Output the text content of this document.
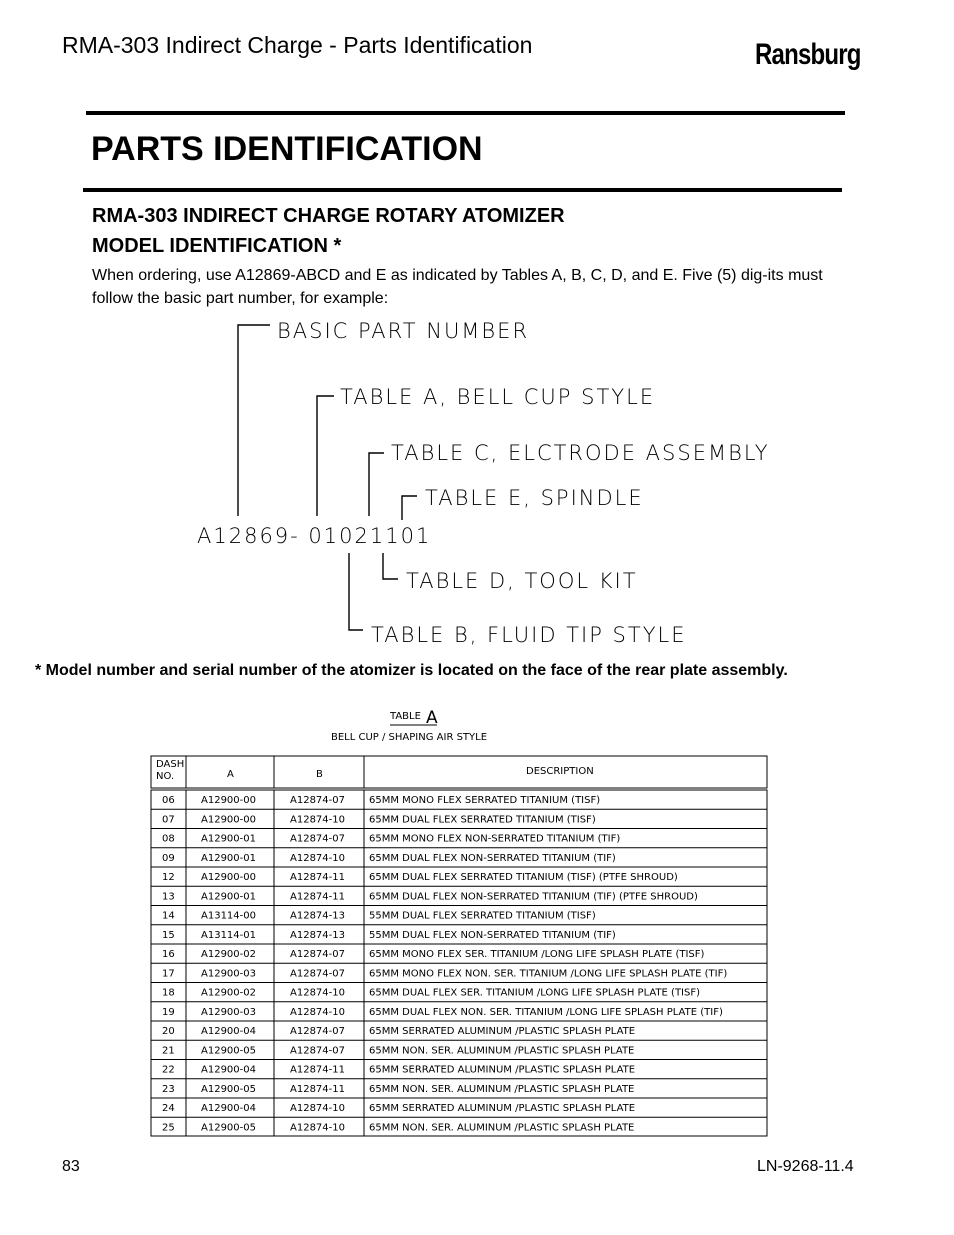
RMA-303 Indirect Charge - Parts Identification	Ransburg
PARTS IDENTIFICATION
RMA-303 INDIRECT CHARGE ROTARY ATOMIZER
MODEL IDENTIFICATION *
When ordering, use A12869-ABCD and E as indicated by Tables A, B, C, D, and E. Five (5) dig-its must follow the basic part number, for example:
BASIC PART NUMBER
TABLE A, BELL CUP STYLE
TABLE C, ELCTRODE ASSEMBLY
TABLE E, SPINDLE
A12869- 01021101
TABLE D, TOOL KIT
TABLE B, FLUID TIP STYLE
* Model number and serial number of the atomizer is located on the face of the rear plate assembly.
TABLE A
BELL CUP / SHAPING AIR STYLE
DASH
NO.	A	B	DESCRIPTION
06	A12900-00	A12874-07 65MM MONO FLEX SERRATED TITANIUM (TISF)
07	A12900-00	A12874-10 65MM DUAL FLEX SERRATED TITANIUM (TISF)
08	A12900-01	A12874-07 65MM MONO FLEX NON-SERRATED TITANIUM (TIF)
09	A12900-01	A12874-10 65MM DUAL FLEX NON-SERRATED TITANIUM (TIF)
12	A12900-00	A12874-11 65MM DUAL FLEX SERRATED TITANIUM (TISF) (PTFE SHROUD)
13	A12900-01	A12874-11 65MM DUAL FLEX NON-SERRATED TITANIUM (TIF) (PTFE SHROUD)
14	A13114-00	A12874-13 55MM DUAL FLEX SERRATED TITANIUM (TISF)
15	A13114-01	A12874-13 55MM DUAL FLEX NON-SERRATED TITANIUM (TIF)
16	A12900-02	A12874-07 65MM MONO FLEX SER. TITANIUM /LONG LIFE SPLASH PLATE (TISF)
17	A12900-03	A12874-07 65MM MONO FLEX NON. SER. TITANIUM /LONG LIFE SPLASH PLATE (TIF)
18	A12900-02	A12874-10 65MM DUAL FLEX SER. TITANIUM /LONG LIFE SPLASH PLATE (TISF)
19	A12900-03	A12874-10 65MM DUAL FLEX NON. SER. TITANIUM /LONG LIFE SPLASH PLATE (TIF)
20	A12900-04	A12874-07 65MM SERRATED ALUMINUM /PLASTIC SPLASH PLATE
21	A12900-05	A12874-07 65MM NON. SER. ALUMINUM /PLASTIC SPLASH PLATE
22	A12900-04	A12874-11 65MM SERRATED ALUMINUM /PLASTIC SPLASH PLATE
23	A12900-05	A12874-11 65MM NON. SER. ALUMINUM /PLASTIC SPLASH PLATE
24	A12900-04	A12874-10 65MM SERRATED ALUMINUM /PLASTIC SPLASH PLATE
25	A12900-05	A12874-10 65MM NON. SER. ALUMINUM /PLASTIC SPLASH PLATE
83	LN-9268-11.4
